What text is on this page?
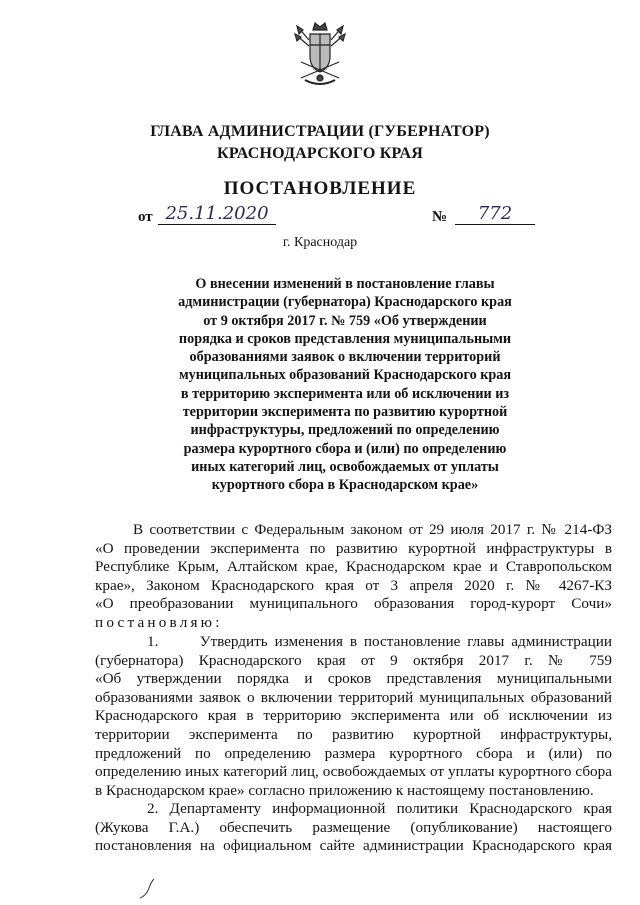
ГЛАВА АДМИНИСТРАЦИИ (ГУБЕРНАТОР)
КРАСНОДАРСКОГО КРАЯ
ПОСТАНОВЛЕНИЕ
от 25.11.2020	№	772
г. Краснодар
О внесении изменений в постановление главы
администрации (губернатора) Краснодарского края
от 9 октября 2017 г. № 759 «Об утверждении
порядка и сроков представления муниципальными
образованиями заявок о включении территорий
муниципальных образований Краснодарского края
в территорию эксперимента или об исключении из
территории эксперимента по развитию курортной
инфраструктуры, предложений по определению
размера курортного сбора и (или) по определению
иных категорий лиц, освобождаемых от уплаты
курортного сбора в Краснодарском крае»
В соответствии с Федеральным законом от 29 июля 2017 г. № 214-ФЗ
«О проведении эксперимента по развитию курортной инфраструктуры в
Республике Крым, Алтайском крае, Краснодарском крае и Ставропольском
крае», Законом Краснодарского края от 3 апреля 2020 г. № 4267-КЗ
«О преобразовании муниципального образования город-курорт Сочи»
постановляю:
1.      Утвердить изменения в постановление главы администрации
(губернатора) Краснодарского края от 9 октября 2017 г. № 759
«Об утверждении порядка и сроков представления муниципальными
образованиями заявок о включении территорий муниципальных образований
Краснодарского края в территорию эксперимента или об исключении из
территории эксперимента по развитию курортной инфраструктуры,
предложений по определению размера курортного сбора и (или) по
определению иных категорий лиц, освобождаемых от уплаты курортного сбора
в Краснодарском крае» согласно приложению к настоящему постановлению.
2. Департаменту информационной политики Краснодарского края
(Жукова Г.А.) обеспечить размещение (опубликование) настоящего
постановления на официальном сайте администрации Краснодарского края
